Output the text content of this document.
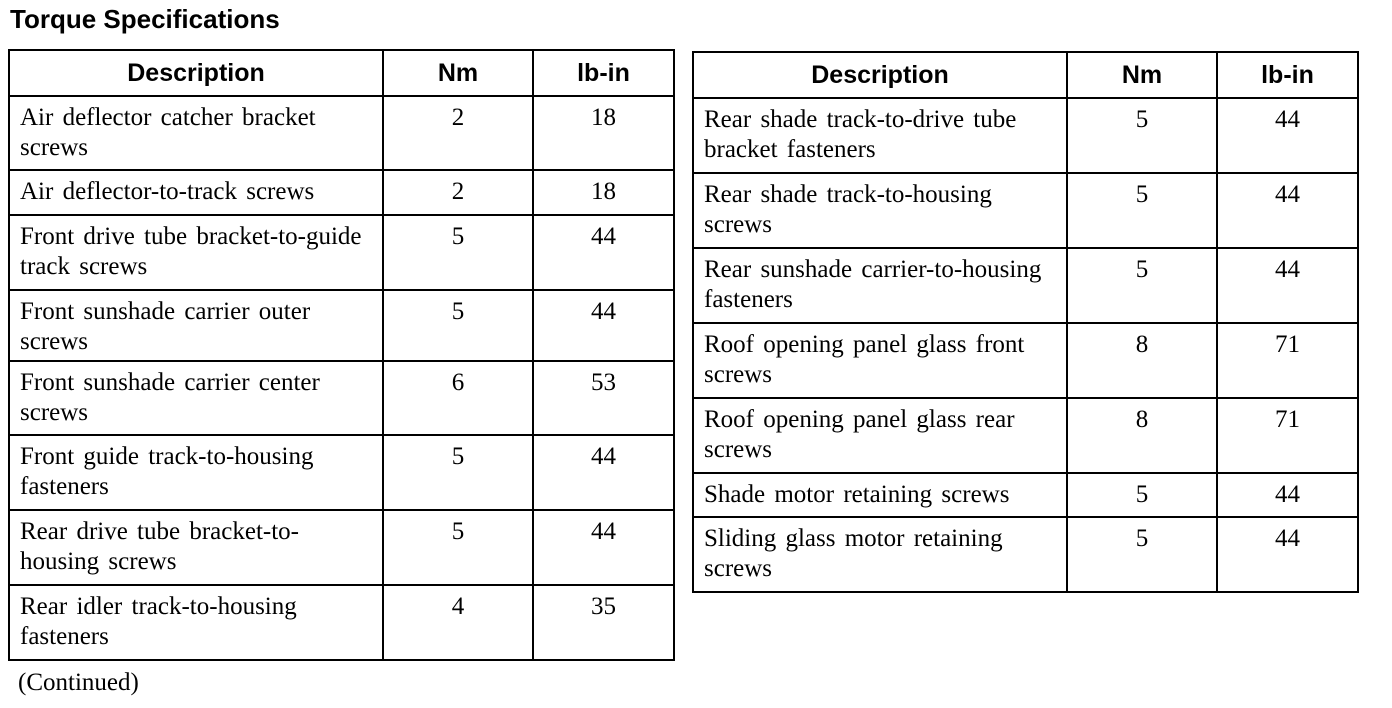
Torque Specifications
Description	Nm	lb-in
Air deflector catcher bracket screws	2	18
Air deflector-to-track screws	2	18
Front drive tube bracket-to-guide track screws	5	44
Front sunshade carrier outer screws	5	44
Front sunshade carrier center screws	6	53
Front guide track-to-housing fasteners	5	44
Rear drive tube bracket-to-housing screws	5	44
Rear idler track-to-housing fasteners	4	35
Description	Nm	lb-in
Rear shade track-to-drive tube bracket fasteners	5	44
Rear shade track-to-housing screws	5	44
Rear sunshade carrier-to-housing fasteners	5	44
Roof opening panel glass front screws	8	71
Roof opening panel glass rear screws	8	71
Shade motor retaining screws	5	44
Sliding glass motor retaining screws	5	44
(Continued)
